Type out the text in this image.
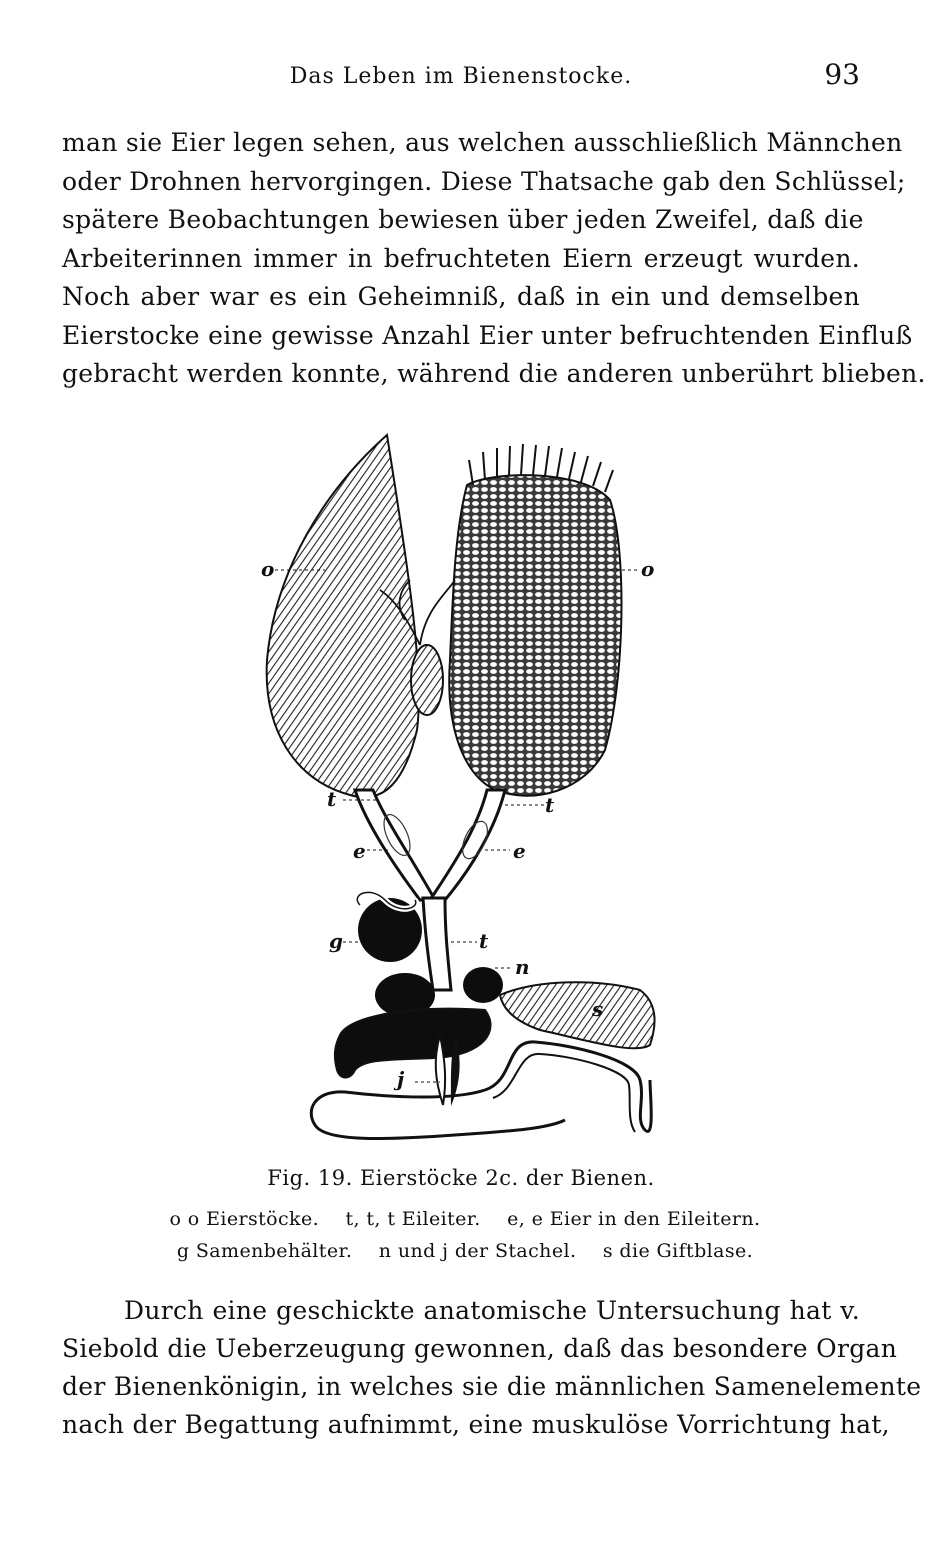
Das Leben im Bienenstocke.	93
man sie Eier legen sehen, aus welchen ausschließlich Männchen
oder Drohnen hervorgingen. Diese Thatsache gab den Schlüssel;
spätere Beobachtungen bewiesen über jeden Zweifel, daß die
Arbeiterinnen immer in befruchteten Eiern erzeugt wurden.
Noch aber war es ein Geheimniß, daß in ein und demselben
Eierstocke eine gewisse Anzahl Eier unter befruchtenden Einfluß
gebracht werden konnte, während die anderen unberührt blieben.
o	o
t	t
e	e
g	t
n
s
j
Fig. 19. Eierstöcke 2c. der Bienen.
o o Eierstöcke. t, t, t Eileiter. e, e Eier in den Eileitern.
g Samenbehälter. n und j der Stachel. s die Giftblase.
Durch eine geschickte anatomische Untersuchung hat v.
Siebold die Ueberzeugung gewonnen, daß das besondere Organ
der Bienenkönigin, in welches sie die männlichen Samenelemente
nach der Begattung aufnimmt, eine muskulöse Vorrichtung hat,
